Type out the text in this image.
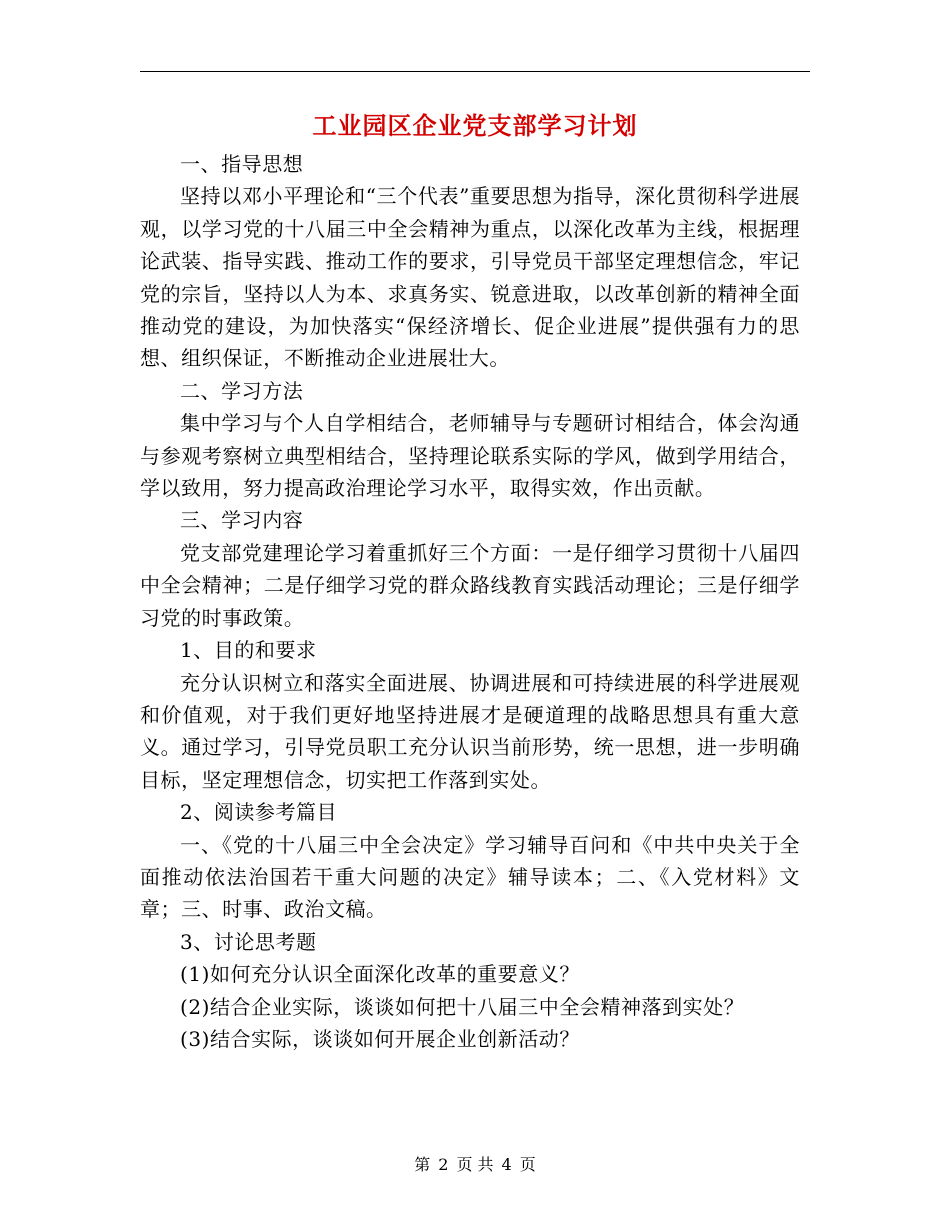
工业园区企业党支部学习计划

一、指导思想

坚持以邓小平理论和“三个代表”重要思想为指导，深化贯彻科学进展观，以学习党的十八届三中全会精神为重点，以深化改革为主线，根据理论武装、指导实践、推动工作的要求，引导党员干部坚定理想信念，牢记党的宗旨，坚持以人为本、求真务实、锐意进取，以改革创新的精神全面推动党的建设，为加快落实“保经济增长、促企业进展”提供强有力的思想、组织保证，不断推动企业进展壮大。

二、学习方法

集中学习与个人自学相结合，老师辅导与专题研讨相结合，体会沟通与参观考察树立典型相结合，坚持理论联系实际的学风，做到学用结合，学以致用，努力提高政治理论学习水平，取得实效，作出贡献。

三、学习内容

党支部党建理论学习着重抓好三个方面：一是仔细学习贯彻十八届四中全会精神；二是仔细学习党的群众路线教育实践活动理论；三是仔细学习党的时事政策。

1、目的和要求

充分认识树立和落实全面进展、协调进展和可持续进展的科学进展观和价值观，对于我们更好地坚持进展才是硬道理的战略思想具有重大意义。通过学习，引导党员职工充分认识当前形势，统一思想，进一步明确目标，坚定理想信念，切实把工作落到实处。

2、阅读参考篇目

一、《党的十八届三中全会决定》学习辅导百问和《中共中央关于全面推动依法治国若干重大问题的决定》辅导读本；二、《入党材料》文章；三、时事、政治文稿。

3、讨论思考题

(1)如何充分认识全面深化改革的重要意义？

(2)结合企业实际，谈谈如何把十八届三中全会精神落到实处？

(3)结合实际，谈谈如何开展企业创新活动？

第 2 页 共 4 页
